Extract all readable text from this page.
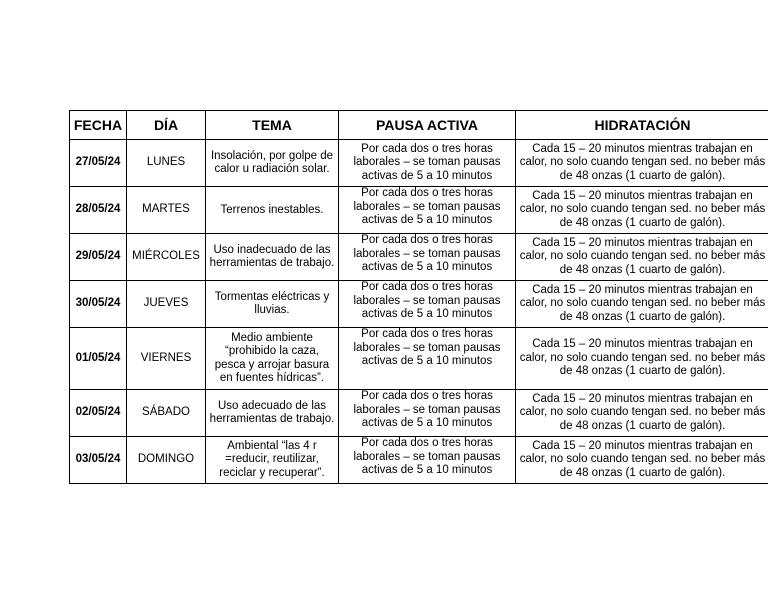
FECHA	DÍA	TEMA	PAUSA ACTIVA	HIDRATACIÓN
27/05/24	LUNES	Insolación, por golpe de calor u radiación solar.	Por cada dos o tres horas laborales – se toman pausas activas de 5 a 10 minutos	Cada 15 – 20 minutos mientras trabajan en calor, no solo cuando tengan sed. no beber más de 48 onzas (1 cuarto de galón).
28/05/24	MARTES	Terrenos inestables.	Por cada dos o tres horas laborales – se toman pausas activas de 5 a 10 minutos	Cada 15 – 20 minutos mientras trabajan en calor, no solo cuando tengan sed. no beber más de 48 onzas (1 cuarto de galón).
29/05/24	MIÉRCOLES	Uso inadecuado de las herramientas de trabajo.	Por cada dos o tres horas laborales – se toman pausas activas de 5 a 10 minutos	Cada 15 – 20 minutos mientras trabajan en calor, no solo cuando tengan sed. no beber más de 48 onzas (1 cuarto de galón).
30/05/24	JUEVES	Tormentas eléctricas y lluvias.	Por cada dos o tres horas laborales – se toman pausas activas de 5 a 10 minutos	Cada 15 – 20 minutos mientras trabajan en calor, no solo cuando tengan sed. no beber más de 48 onzas (1 cuarto de galón).
01/05/24	VIERNES	Medio ambiente “prohibido la caza, pesca y arrojar basura en fuentes hídricas”.	Por cada dos o tres horas laborales – se toman pausas activas de 5 a 10 minutos	Cada 15 – 20 minutos mientras trabajan en calor, no solo cuando tengan sed. no beber más de 48 onzas (1 cuarto de galón).
02/05/24	SÁBADO	Uso adecuado de las herramientas de trabajo.	Por cada dos o tres horas laborales – se toman pausas activas de 5 a 10 minutos	Cada 15 – 20 minutos mientras trabajan en calor, no solo cuando tengan sed. no beber más de 48 onzas (1 cuarto de galón).
03/05/24	DOMINGO	Ambiental “las 4 r =reducir, reutilizar, reciclar y recuperar”.	Por cada dos o tres horas laborales – se toman pausas activas de 5 a 10 minutos	Cada 15 – 20 minutos mientras trabajan en calor, no solo cuando tengan sed. no beber más de 48 onzas (1 cuarto de galón).
